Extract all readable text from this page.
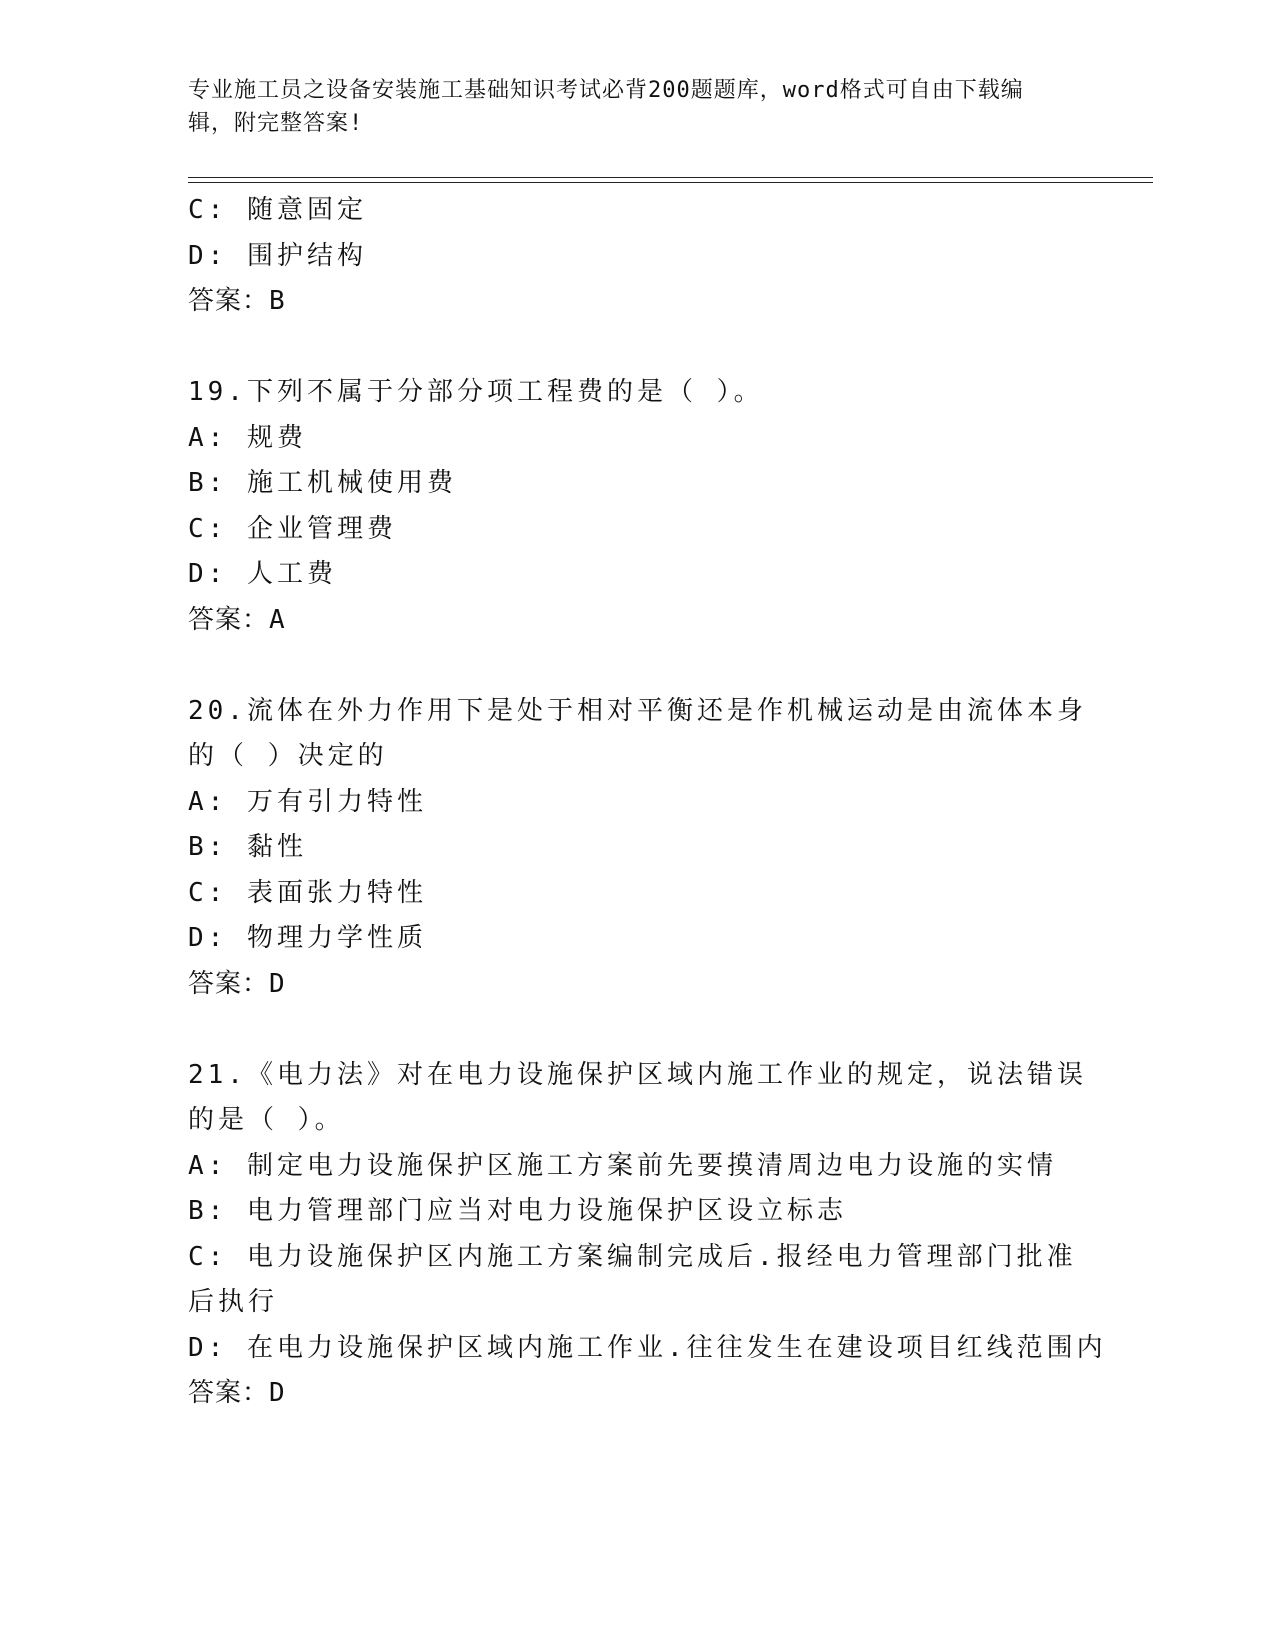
专业施工员之设备安装施工基础知识考试必背200题题库，word格式可自由下载编辑，附完整答案!
C: 随意固定
D: 围护结构
答案：B
19.下列不属于分部分项工程费的是（ ）。
A: 规费
B: 施工机械使用费
C: 企业管理费
D: 人工费
答案：A
20.流体在外力作用下是处于相对平衡还是作机械运动是由流体本身的（ ）决定的
A: 万有引力特性
B: 黏性
C: 表面张力特性
D: 物理力学性质
答案：D
21.《电力法》对在电力设施保护区域内施工作业的规定，说法错误的是（ ）。
A: 制定电力设施保护区施工方案前先要摸清周边电力设施的实情
B: 电力管理部门应当对电力设施保护区设立标志
C: 电力设施保护区内施工方案编制完成后.报经电力管理部门批准后执行
D: 在电力设施保护区域内施工作业.往往发生在建设项目红线范围内
答案：D
